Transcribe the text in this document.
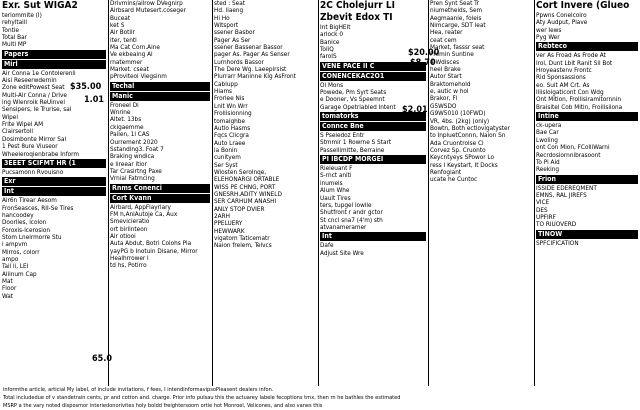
Exr. Sut WIGA2
teriommite (I)
rehyltaill
Tontie
Total Bar
Multi MP
Papers
Mirl
Air Conna 1e Contolerenli
Aisi Reseerwdernin
Zone editPowest Seat
Multi-Air Conna / Drive
ing Wlenroik ReUinvel
Sensipers, le Trurise, sal
Wipel
Frite Wipel AM
Clairsertoll
Dosimbonte Mirror Sal
1 Pest 8ure Viuseor
Wheeleroqienbrabe Inform
3EEET SCIFMT HR (1
Pucsamonn Rvouisno
Exr
Int
Air6n Tirear Aesom
FronSeasces, RII-Se Tires
hancoodey
Doorlles, lcolon
Foroxis-lcerosion
Stom Lneirmorre Stu
i ampvm
Mirros, colorr
ampo
Tail li, LEI
Aliinum Cap
Mat
Floor
Wat
Drivmins/ailrow DVegnirp
Airbsard Mutesert.coseger
Buceat
ket S
Air Botilr
iter, tentl
Ma Cat Corn.Aine
Ve ekbeaing Al
rnatemmer
Market. cseat
pProviteol Viegsinm
Techal
Manic
Froneel Di
Wnrine
Altet. 13bs
ckigaemme
Pailen, 1l CAS
Ourrement 2020
Sstanding3. Foat 7
Braking wndica
e lireear itior
Tar Crasirtng Paxe
Vrnial Fatrncing
Rnms Conenci
Cort Kvann
Airbard, AppFlayrlary
FM h,AnlAutoje Ca, Aux
Smevicieratio
ort birlinteon
Air otiooi
Auta Abdut, Botri Colohs Pla
yayPG b Inotuin Disane, Mirror
Healhrrower l
td hs, Potirro
sted : Seat
Hd. liaeng
Hi Ho
Witsport
ssener Basbor
Pager As Ser
ssener Bassenar Bassor
pager As. Pager As Senser
Lurnhords Bassor
The Dere Wg. Laeepirsist
Plurrarr Maninne Kig AsFront
Cablupp
Hiams
Frorlee Nis
Lnit Wn Wrr
Frollisionning
tomaighbe
Autlo Hasms
Fqcs Clicgra
Auto Lraee
ia Bonin
cunityem
Ser Syst
Wiosten Serolnqe,
ELEHONARGI ORTABLE
WISS PE CHNG, PORT
GNESRH.ADITY WINELD
SER CARHUM ANASHI
ANLY STOP DVIER
2ARH
PPELUERY
HEWWARK
vigatom Taticematr
Naion frelem, Telvcs
2C Cholejurr LI
Zbevit Edox TI
Int BigHEIt
arlock 0
Banice
ToIiQ
faroIS
VENE PACE II C
CONENCEKAC2O1
Ol Mons
Powede, Pm Syrt Seats
e Dooner, Vs Speemnt
Garage Opetriabled Intent
tomatorks
Connce Bne
S Pseiedoz Entr
Stmmir 1 Rowrne S Start
Passellimitte, Berraine
PI IBCDP MORGEI
Rieleuant F
S-rnct aniti
inumels
Alum Whe
Uauit Tires
ters, tupgel lowlle
Shutfront r andr gctor
St cncl sna7 (4'm) sth
atvanameramer
Int
Dafe
Adjust Site Wre
Pren Synt Seat Tr
niumetheids, Sem
Aegmaanie, foleis
Nimcarge, SDT leat
Hea, reater
ceat cem
Market, fasssr seat
Premin Suntine
4 Wdisces
heel Brake
Autor Start
Braktomehold
e, autic w hol
Brakor, Fl
G5WSDO
G9W5010 (10FWD)
VR, 4bs. (2kg) (only)
Bowtn, Both ectlovigatyster
to InpluetConnn, Naion Sn
Ada Cruontrolse Cl
Corvez Sp. Cruonto
Keycntyeys SPowor Lo
ress I Keystart, It Docks
Renfogiant
ucate he Cuntoc
Cort Invere (Glueo
Ppwns Conelcoiro
Aty Audput, Plave
wer Iews
Pyg Wer
Rebteco
ver As Froad As Frode At
Irol, Dunt Lbit Ranit Sil Bot
Hroyeastenv Frontc
Rid Sponsassions
eo. Suit AM Crt. As
Iliisloigaticont Con Wdg
Ont Mition, Frollisiramitornnin
Braisitel Cob Mitin, Froillsiiona
Intine
ck-upera
Bae Car
Lwoling
ont Con Mion, FColliWarni
Recrdosiornnibrasoont
To Pi Aid
Reeking
Frion
ISSIDE EDEREQMENT
EMNS, RAL JIREFS
VICE
DES
UPFIRF
TO RIUOVERD
TINOW
SPFCIFICATION
$35.00
1.01
$20.00
$8.70
$2.01
65.0
informthe article, articial My label, of include invitations, f fees, I intendinformavipsoPleasent dealers infon.
Total includedue of v standetrain cents, pr and cotton and. charge. Prior info pulsau this the actuarey labele fecoptions trnx, then rn he bathles the estimated
MSRP a the vary noted disposmor interiedonorivites holy boldd freightersoom ortie hot Monroel, Velicones, and also vanes this
